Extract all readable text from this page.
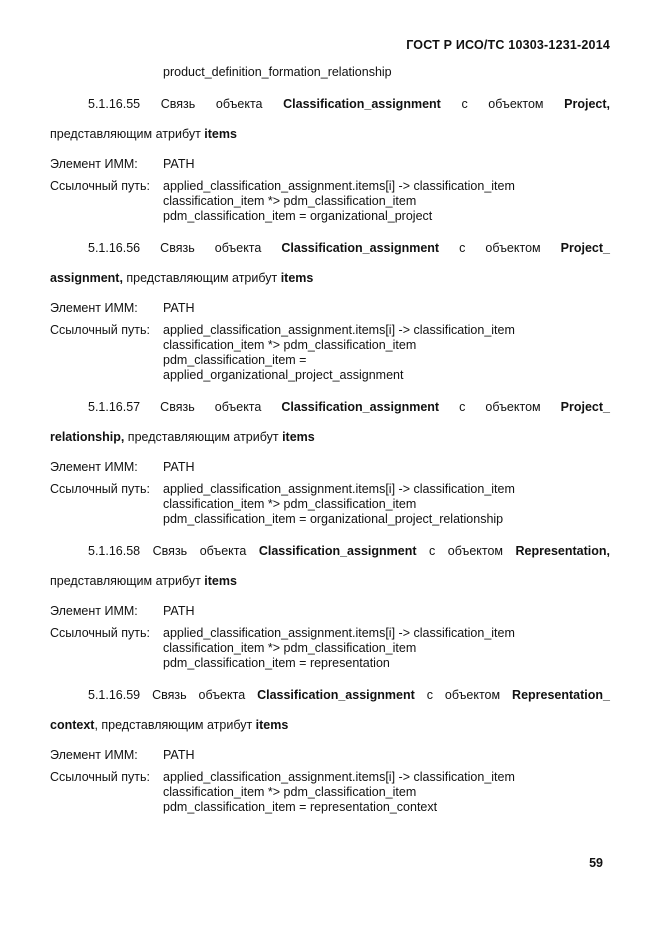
ГОСТ Р ИСО/ТС 10303-1231-2014
product_definition_formation_relationship

5.1.16.55 Связь объекта Classification_assignment с объектом Project,

представляющим атрибут items

Элемент ИММ:	PATH
Ссылочный путь:	applied_classification_assignment.items[i] -> classification_item
classification_item *> pdm_classification_item
pdm_classification_item = organizational_project

5.1.16.56 Связь объекта Classification_assignment с объектом Project_

assignment, представляющим атрибут items

Элемент ИММ:	PATH
Ссылочный путь:	applied_classification_assignment.items[i] -> classification_item
classification_item *> pdm_classification_item
pdm_classification_item =
applied_organizational_project_assignment

5.1.16.57 Связь объекта Classification_assignment с объектом Project_

relationship, представляющим атрибут items

Элемент ИММ:	PATH
Ссылочный путь:	applied_classification_assignment.items[i] -> classification_item
classification_item *> pdm_classification_item
pdm_classification_item = organizational_project_relationship

5.1.16.58 Связь объекта Classification_assignment с объектом Representation,

представляющим атрибут items

Элемент ИММ:	PATH
Ссылочный путь:	applied_classification_assignment.items[i] -> classification_item
classification_item *> pdm_classification_item
pdm_classification_item = representation

5.1.16.59 Связь объекта Classification_assignment с объектом Representation_

context, представляющим атрибут items

Элемент ИММ:	PATH
Ссылочный путь:	applied_classification_assignment.items[i] -> classification_item
classification_item *> pdm_classification_item
pdm_classification_item = representation_context
59
